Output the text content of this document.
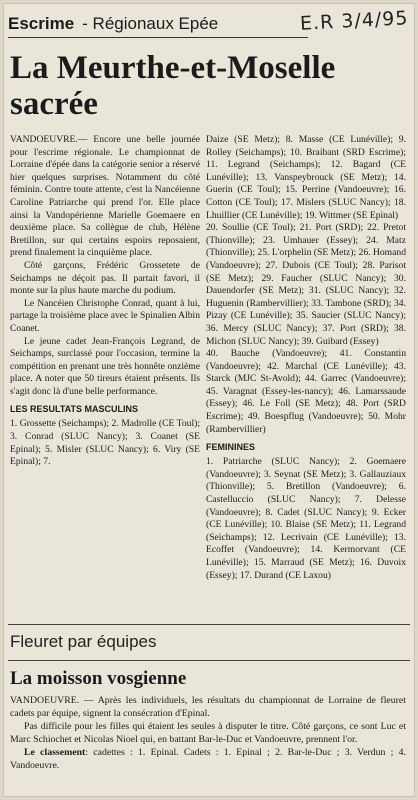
Escrime - Régionaux Epée	E.R 3/4/95
La Meurthe-et-Moselle sacrée

VANDOEUVRE.— Encore une belle journée pour l'escrime régionale. Le championnat de Lorraine d'épée dans la catégorie senior a réservé hier quelques surprises. Notamment du côté féminin. Contre toute attente, c'est la Nancéienne Caroline Patriarche qui prend l'or. Elle place ainsi la Vandopérienne Marielle Goemaere en deuxième place. Sa collègue de club, Hélène Bretillon, sur qui certains espoirs reposaient, prend finalement la cinquième place.

Côté garçons, Frédéric Grossetete de Seichamps ne déçoit pas. Il partait favori, il monte sur la plus haute marche du podium.

Le Nancéien Christophe Conrad, quant à lui, partage la troisième place avec le Spinalien Albin Coanet.

Le jeune cadet Jean-François Legrand, de Seichamps, surclassé pour l'occasion, termine la compétition en prenant une très honnête onzième place. A noter que 50 tireurs étaient présents. Ils s'agit donc là d'une belle performance.

LES RESULTATS MASCULINS

1. Grossette (Seichamps); 2. Madrolle (CE Toul); 3. Conrad (SLUC Nancy); 3. Coanet (SE Epinal); 5. Misler (SLUC Nancy); 6. Viry (SE Epinal); 7.

Daize (SE Metz); 8. Masse (CE Lunéville); 9. Rolley (Seichamps); 10. Braibant (SRD Escrime); 11. Legrand (Seichamps); 12. Bagard (CE Lunéville); 13. Vanspeybrouck (SE Metz); 14. Guerin (CE Toul); 15. Perrine (Vandoeuvre); 16. Cotton (CE Toul); 17. Mislers (SLUC Nancy); 18. Lhuillier (CE Lunéville); 19. Wittmer (SE Epinal)
20. Soullie (CE Toul); 21. Port (SRD); 22. Pretot (Thionville); 23. Umhauer (Essey); 24. Matz (Thionville); 25. L'orphelin (SE Metz); 26. Homand (Vandoeuvre); 27. Dubois (CE Toul); 28. Parisot (SE Metz); 29. Faucher (SLUC Nancy); 30. Dauendorfer (SE Metz); 31. (SLUC Nancy); 32. Huguenin (Rambervillier); 33. Tambone (SRD); 34. Pizay (CE Lunéville); 35. Saucier (SLUC Nancy); 36. Mercy (SLUC Nancy); 37. Port (SRD); 38. Michon (SLUC Nancy); 39. Guibard (Essey)
40. Bauche (Vandoeuvre); 41. Constantin (Vandoeuvre); 42. Marchal (CE Lunéville); 43. Starck (MJC St-Avold); 44. Garrec (Vandoeuvre); 45. Varagnat (Essey-les-nancy); 46. Lamarssaude (Essey); 46. Le Foll (SE Metz); 48. Port (SRD Escrime); 49. Boespflug (Vandoeuvre); 50. Mohr (Rambervillier)

FEMININES

1. Patriarche (SLUC Nancy); 2. Goemaere (Vandoeuvre); 3. Seynat (SE Metz); 3. Gallauziaux (Thionville); 5. Bretillon (Vandoeuvre); 6. Castelluccio (SLUC Nancy); 7. Delesse (Vandoeuvre); 8. Cadet (SLUC Nancy); 9. Ecker (CE Lunéville); 10. Blaise (SE Metz); 11. Legrand (Seichamps); 12. Lecrivain (CE Lunéville); 13. Ecoffet (Vandoeuvre); 14. Kermorvant (CE Lunéville); 15. Marraud (SE Metz); 16. Duvoix (Essey); 17. Durand (CE Laxou)

Fleuret par équipes
La moisson vosgienne

VANDOEUVRE. — Après les individuels, les résultats du championnat de Lorraine de fleuret cadets par équipe, signent la consécration d'Epinal.

Pas difficile pour les filles qui étaient les seules à disputer le titre. Côté garçons, ce sont Luc et Marc Schiochet et Nicolas Nioel qui, en battant Bar-le-Duc et Vandoeuvre, prennent l'or.

Le classement: cadettes : 1. Epinal. Cadets : 1. Epinal ; 2. Bar-le-Duc ; 3. Verdun ; 4. Vandoeuvre.
